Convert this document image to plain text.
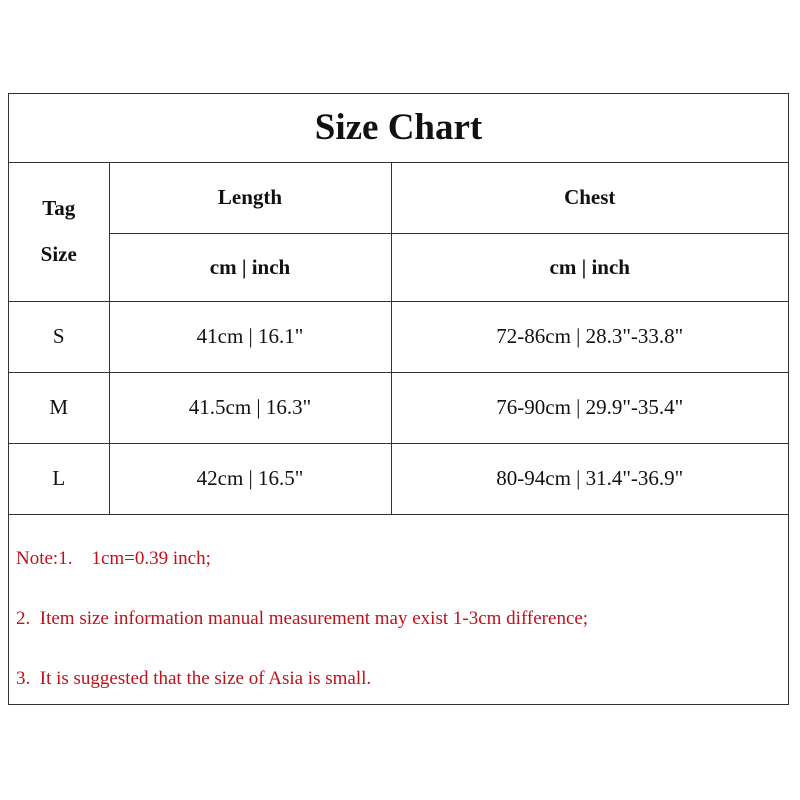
Size Chart
Tag
Size	Length	Chest
	cm | inch	cm | inch
S	41cm | 16.1"	72-86cm | 28.3"-33.8"
M	41.5cm | 16.3"	76-90cm | 29.9"-35.4"
L	42cm | 16.5"	80-94cm | 31.4"-36.9"
Note:1.    1cm=0.39 inch;
2.  Item size information manual measurement may exist 1-3cm difference;
3.  It is suggested that the size of Asia is small.
